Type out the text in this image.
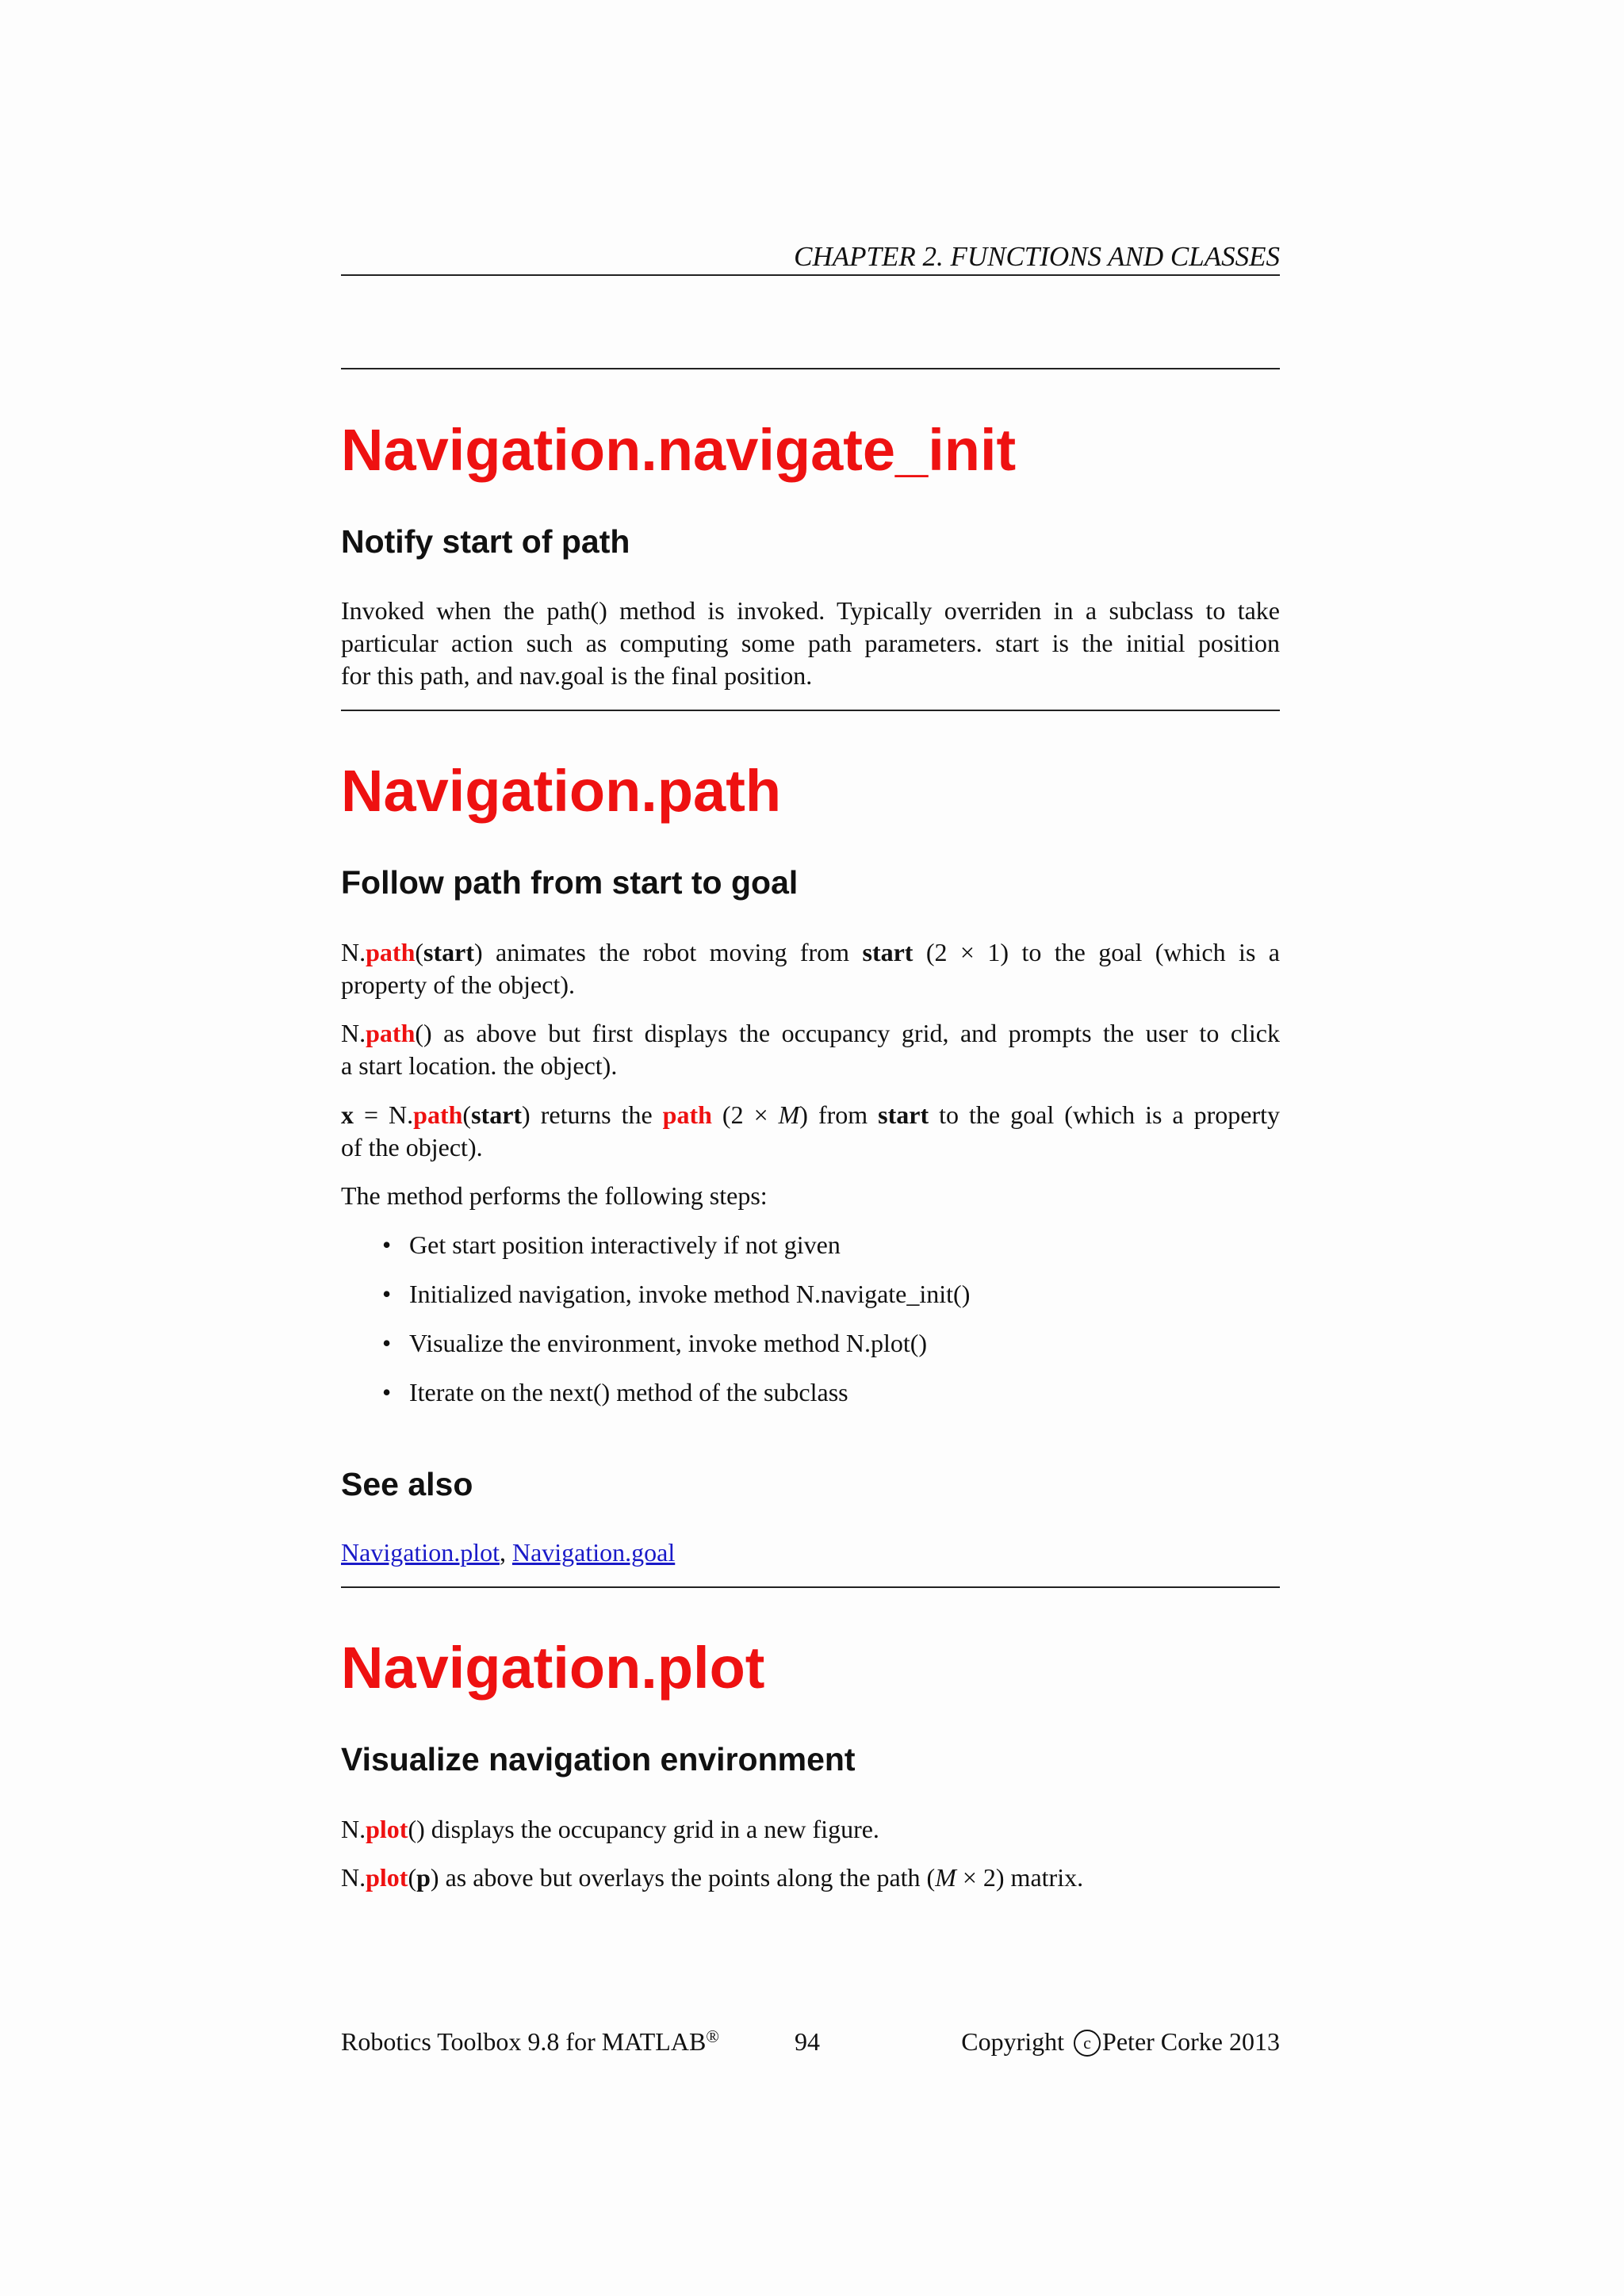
CHAPTER 2. FUNCTIONS AND CLASSES
Navigation.navigate_init
Notify start of path
Invoked when the path() method is invoked. Typically overriden in a subclass to take
particular action such as computing some path parameters. start is the initial position
for this path, and nav.goal is the final position.
Navigation.path
Follow path from start to goal
N.path(start) animates the robot moving from start (2 × 1) to the goal (which is a
property of the object).
N.path() as above but first displays the occupancy grid, and prompts the user to click
a start location. the object).
x = N.path(start) returns the path (2 × M) from start to the goal (which is a property
of the object).
The method performs the following steps:
• Get start position interactively if not given
• Initialized navigation, invoke method N.navigate_init()
• Visualize the environment, invoke method N.plot()
• Iterate on the next() method of the subclass
See also
Navigation.plot, Navigation.goal
Navigation.plot
Visualize navigation environment
N.plot() displays the occupancy grid in a new figure.
N.plot(p) as above but overlays the points along the path (M × 2) matrix.
Robotics Toolbox 9.8 for MATLAB®	94	Copyright c Peter Corke 2013
